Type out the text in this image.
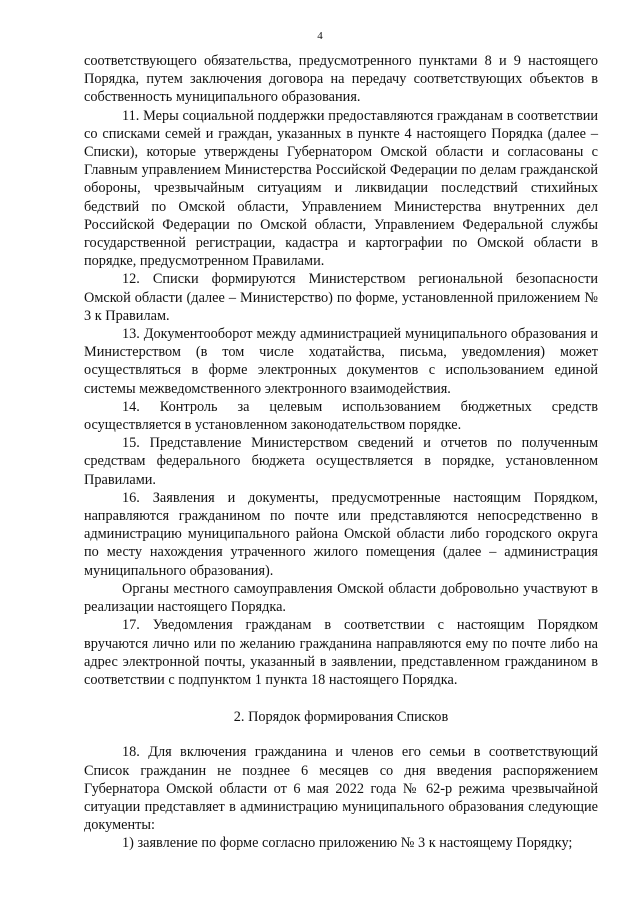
4

соответствующего обязательства, предусмотренного пунктами 8 и 9 настоящего Порядка, путем заключения договора на передачу соответствующих объектов в собственность муниципального образования.

11. Меры социальной поддержки предоставляются гражданам в соответствии со списками семей и граждан, указанных в пункте 4 настоящего Порядка (далее – Списки), которые утверждены Губернатором Омской области и согласованы с Главным управлением Министерства Российской Федерации по делам гражданской обороны, чрезвычайным ситуациям и ликвидации последствий стихийных бедствий по Омской области, Управлением Министерства внутренних дел Российской Федерации по Омской области, Управлением Федеральной службы государственной регистрации, кадастра и картографии по Омской области в порядке, предусмотренном Правилами.

12. Списки формируются Министерством региональной безопасности Омской области (далее – Министерство) по форме, установленной приложением № 3 к Правилам.

13. Документооборот между администрацией муниципального образования и Министерством (в том числе ходатайства, письма, уведомления) может осуществляться в форме электронных документов с использованием единой системы межведомственного электронного взаимодействия.

14. Контроль за целевым использованием бюджетных средств осуществляется в установленном законодательством порядке.

15. Представление Министерством сведений и отчетов по полученным средствам федерального бюджета осуществляется в порядке, установленном Правилами.

16. Заявления и документы, предусмотренные настоящим Порядком, направляются гражданином по почте или представляются непосредственно в администрацию муниципального района Омской области либо городского округа по месту нахождения утраченного жилого помещения (далее – администрация муниципального образования).

Органы местного самоуправления Омской области добровольно участвуют в реализации настоящего Порядка.

17. Уведомления гражданам в соответствии с настоящим Порядком вручаются лично или по желанию гражданина направляются ему по почте либо на адрес электронной почты, указанный в заявлении, представленном гражданином в соответствии с подпунктом 1 пункта 18 настоящего Порядка.

2. Порядок формирования Списков

18. Для включения гражданина и членов его семьи в соответствующий Список гражданин не позднее 6 месяцев со дня введения распоряжением Губернатора Омской области от 6 мая 2022 года № 62-р режима чрезвычайной ситуации представляет в администрацию муниципального образования следующие документы:

1) заявление по форме согласно приложению № 3 к настоящему Порядку;
